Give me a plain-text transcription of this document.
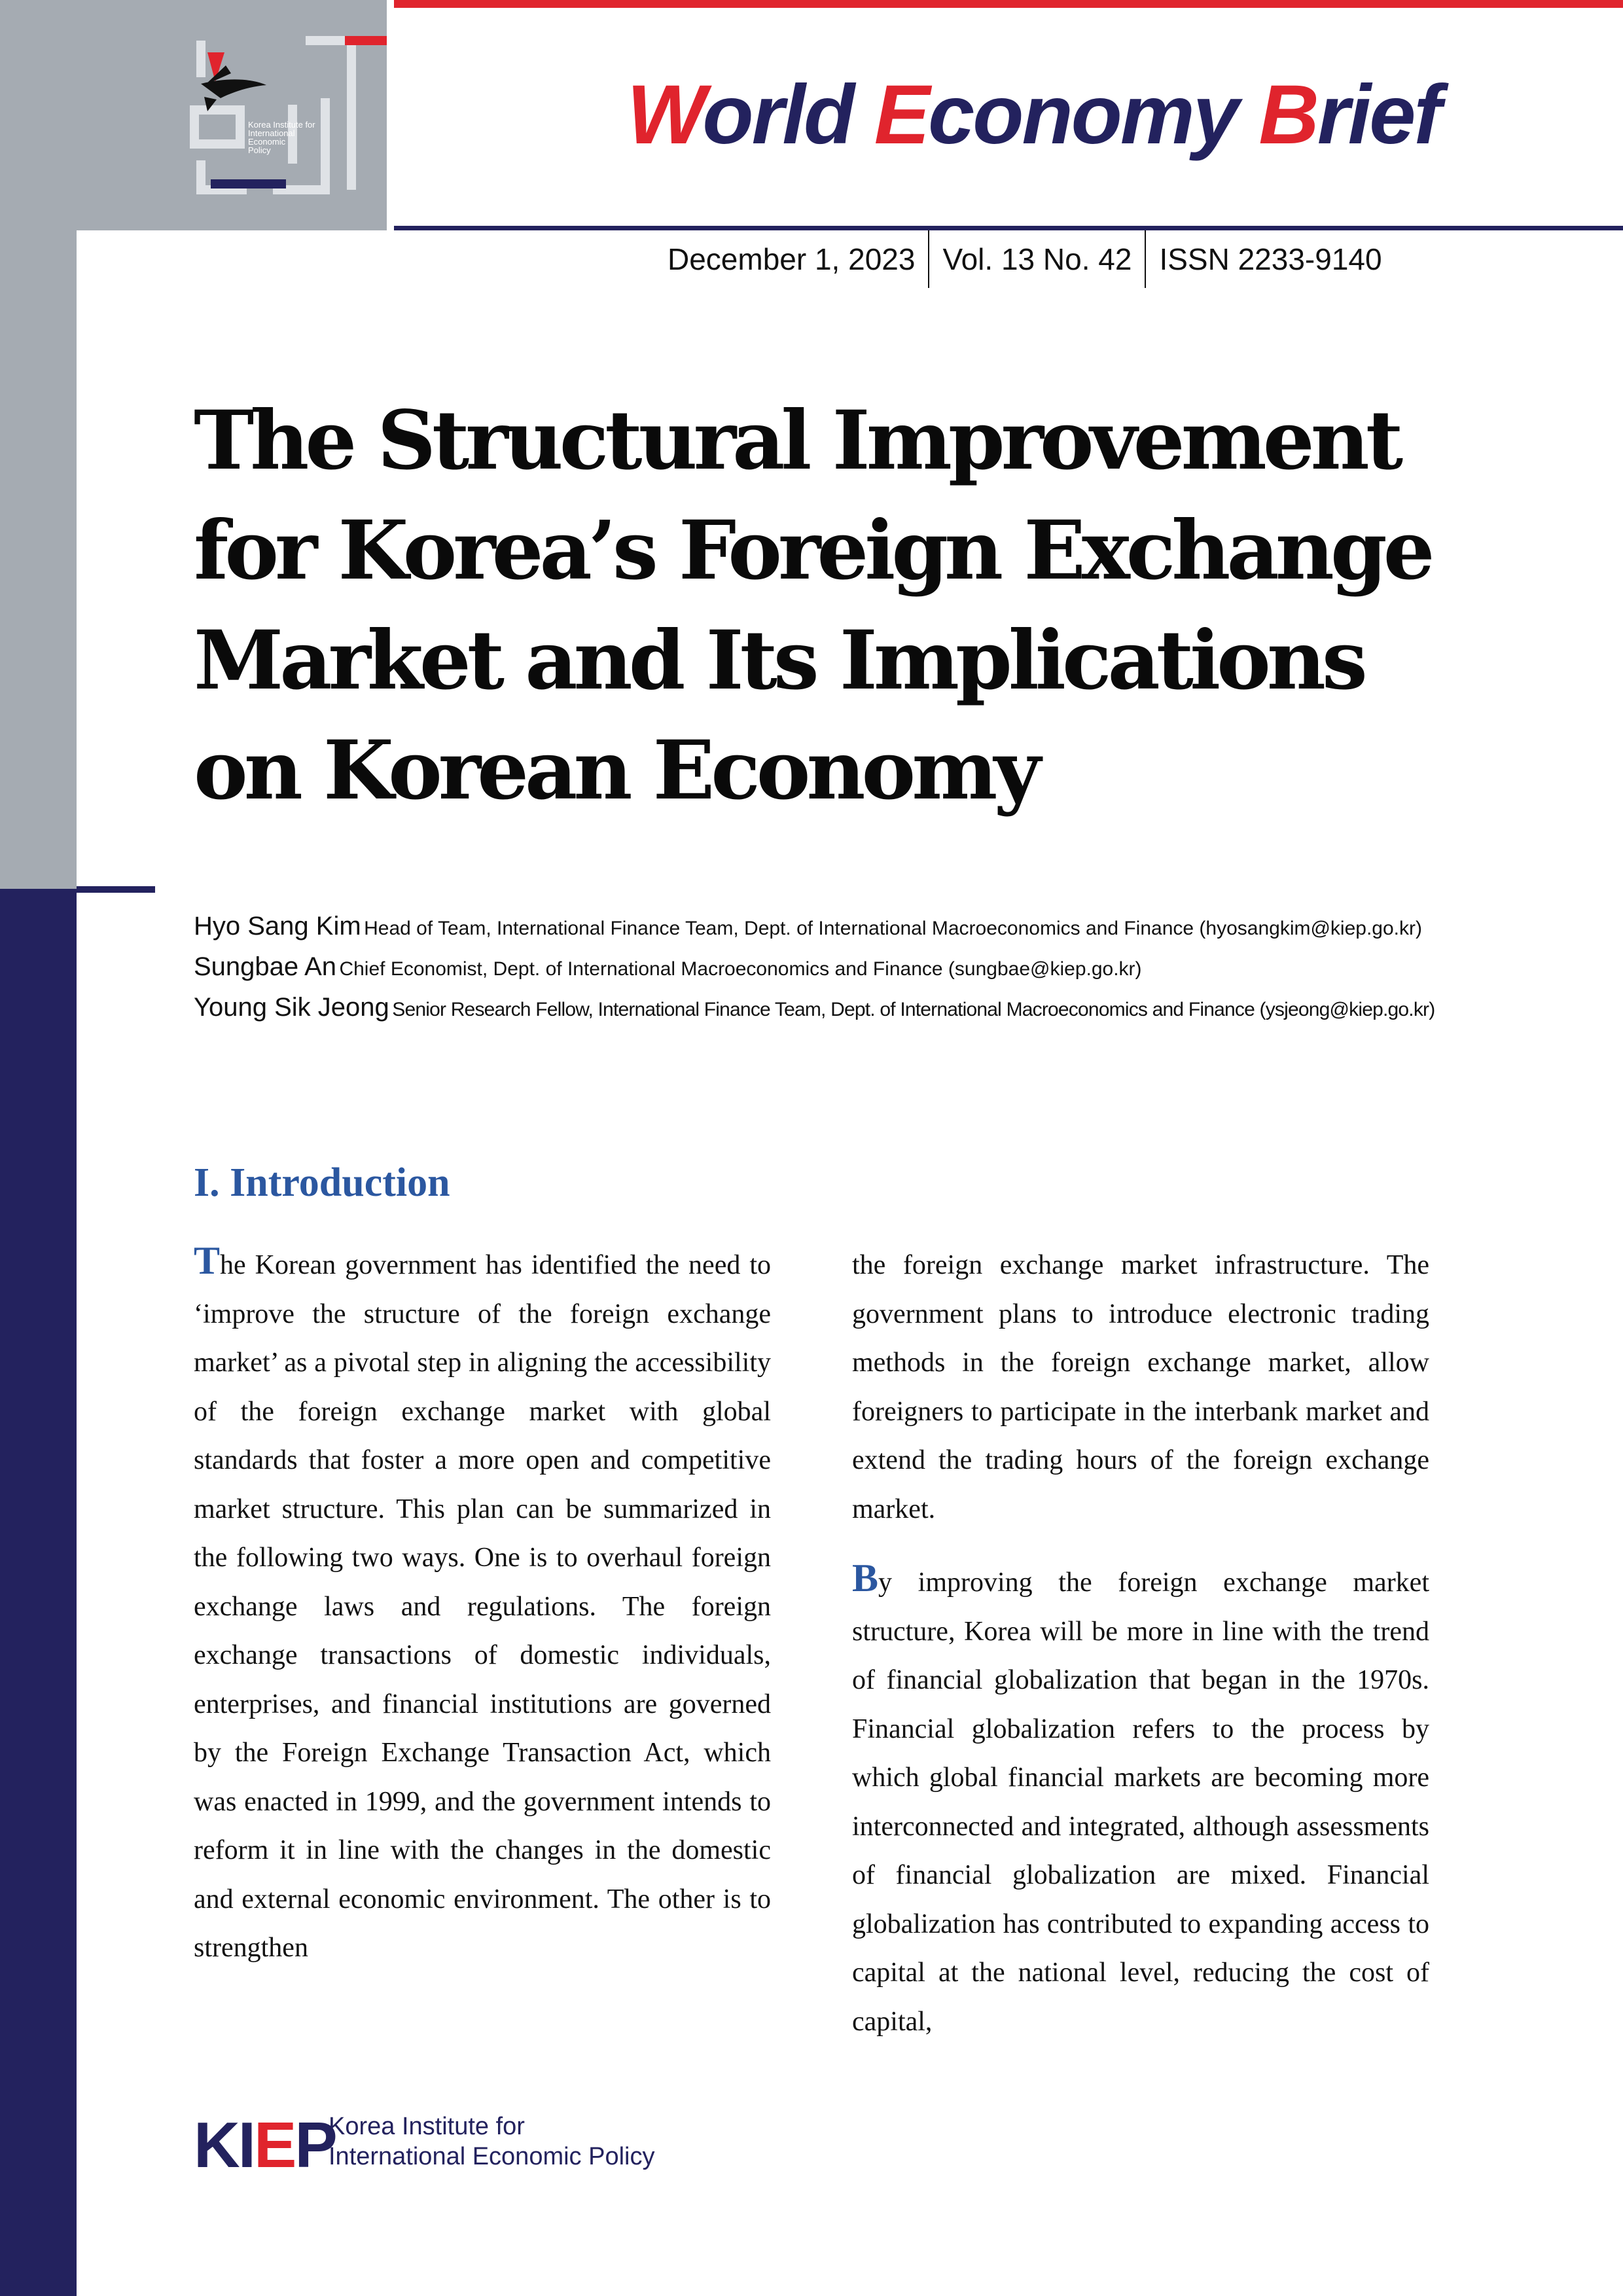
Korea Institute for International Economic Policy	World Economy Brief
December 1, 2023 Vol. 13 No. 42 ISSN 2233-9140
The Structural Improvement for Korea’s Foreign Exchange Market and Its Implications on Korean Economy
Hyo Sang Kim Head of Team, International Finance Team, Dept. of International Macroeconomics and Finance (hyosangkim@kiep.go.kr)
Sungbae An Chief Economist, Dept. of International Macroeconomics and Finance (sungbae@kiep.go.kr)
Young Sik Jeong Senior Research Fellow, International Finance Team, Dept. of International Macroeconomics and Finance (ysjeong@kiep.go.kr)
I. Introduction

The Korean government has identified the need to ‘improve the structure of the foreign exchange market’ as a pivotal step in aligning the accessibility of the foreign exchange market with global standards that foster a more open and competitive market structure. This plan can be summarized in the following two ways. One is to overhaul foreign exchange laws and regulations. The foreign exchange transactions of domestic individuals, enterprises, and financial institutions are governed by the Foreign Exchange Transaction Act, which was enacted in 1999, and the government intends to reform it in line with the changes in the domestic and external economic environment. The other is to strengthen

the foreign exchange market infrastructure. The government plans to introduce electronic trading methods in the foreign exchange market, allow foreigners to participate in the interbank market and extend the trading hours of the foreign exchange market.

By improving the foreign exchange market structure, Korea will be more in line with the trend of financial globalization that began in the 1970s. Financial globalization refers to the process by which global financial markets are becoming more interconnected and integrated, although assessments of financial globalization are mixed. Financial globalization has contributed to expanding access to capital at the national level, reducing the cost of capital,

KIEP
Korea Institute for
International Economic Policy
